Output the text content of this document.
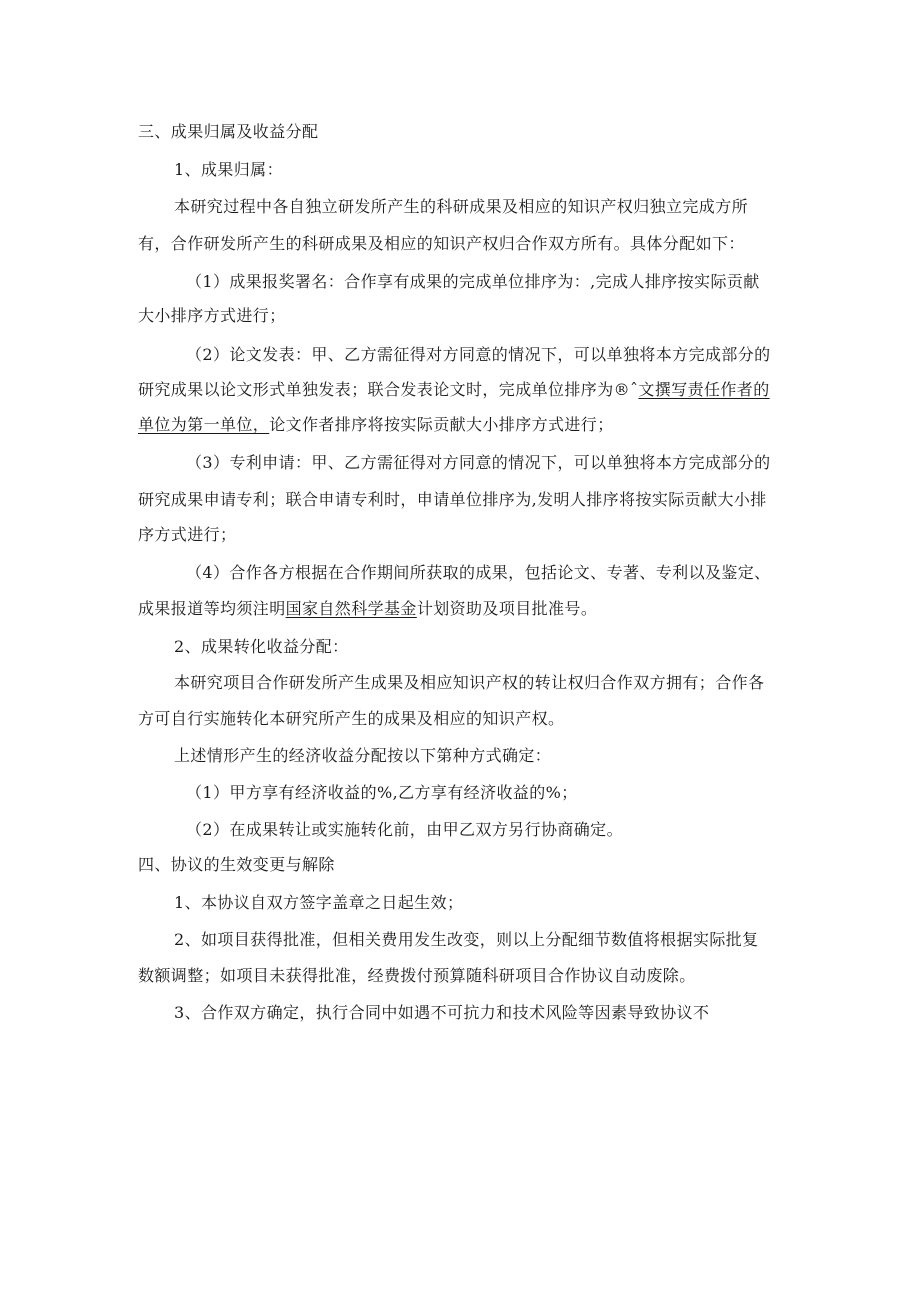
三、成果归属及收益分配
1、成果归属：
本研究过程中各自独立研发所产生的科研成果及相应的知识产权归独立完成方所
有，合作研发所产生的科研成果及相应的知识产权归合作双方所有。具体分配如下：
（1）成果报奖署名：合作享有成果的完成单位排序为：,完成人排序按实际贡献
大小排序方式进行；
（2）论文发表：甲、乙方需征得对方同意的情况下，可以单独将本方完成部分的
研究成果以论文形式单独发表；联合发表论文时，完成单位排序为®ˆ文撰写责任作者的
单位为第一单位，论文作者排序将按实际贡献大小排序方式进行；
（3）专利申请：甲、乙方需征得对方同意的情况下，可以单独将本方完成部分的
研究成果申请专利；联合申请专利时，申请单位排序为,发明人排序将按实际贡献大小排
序方式进行；
（4）合作各方根据在合作期间所获取的成果，包括论文、专著、专利以及鉴定、
成果报道等均须注明国家自然科学基金计划资助及项目批准号。
2、成果转化收益分配：
本研究项目合作研发所产生成果及相应知识产权的转让权归合作双方拥有；合作各
方可自行实施转化本研究所产生的成果及相应的知识产权。
上述情形产生的经济收益分配按以下第种方式确定：
（1）甲方享有经济收益的%,乙方享有经济收益的%；
（2）在成果转让或实施转化前，由甲乙双方另行协商确定。
四、协议的生效变更与解除
1、本协议自双方签字盖章之日起生效；
2、如项目获得批准，但相关费用发生改变，则以上分配细节数值将根据实际批复
数额调整；如项目未获得批准，经费拨付预算随科研项目合作协议自动废除。
3、合作双方确定，执行合同中如遇不可抗力和技术风险等因素导致协议不
